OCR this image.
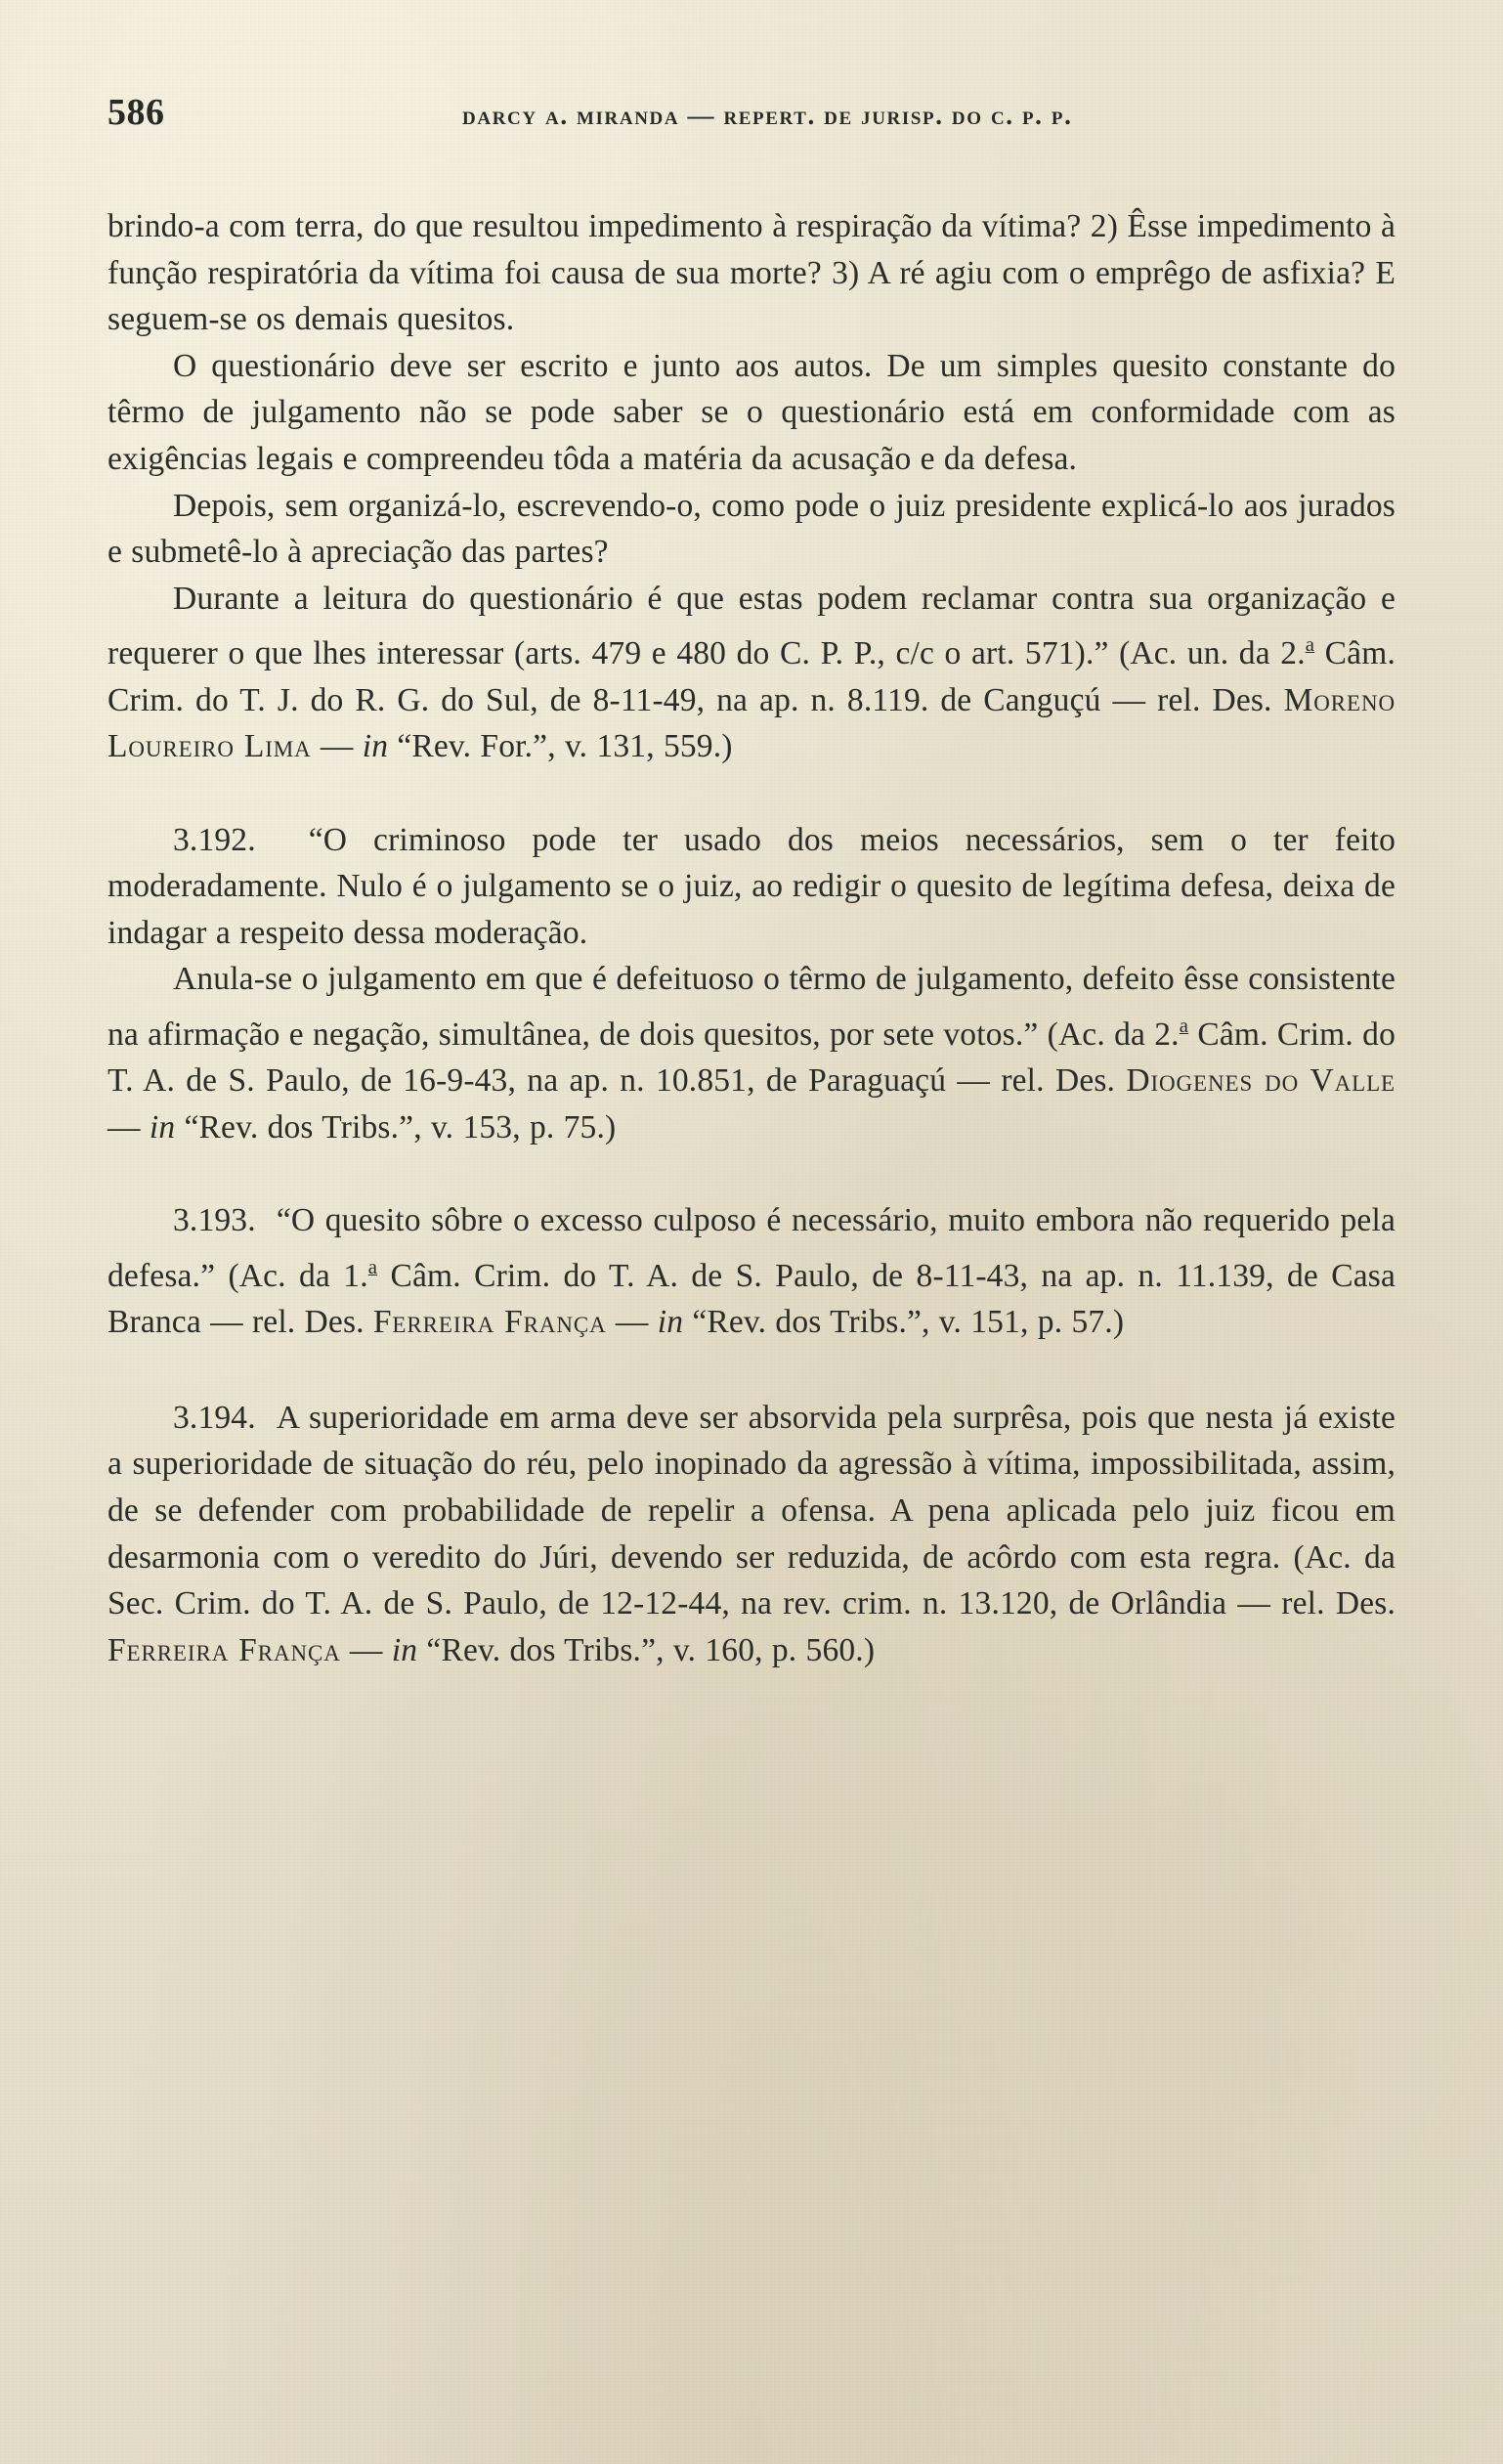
586	darcy a. miranda — repert. de jurisp. do c. p. p.

brindo-a com terra, do que resultou impedimento à respiração da vítima? 2) Êsse impedimento à função respiratória da vítima foi causa de sua morte? 3) A ré agiu com o emprêgo de asfixia? E seguem-se os demais quesitos.

O questionário deve ser escrito e junto aos autos. De um simples quesito constante do têrmo de julgamento não se pode saber se o questionário está em conformidade com as exigências legais e compreendeu tôda a matéria da acusação e da defesa.

Depois, sem organizá-lo, escrevendo-o, como pode o juiz presidente explicá-lo aos jurados e submetê-lo à apreciação das partes?

Durante a leitura do questionário é que estas podem reclamar contra sua organização e requerer o que lhes interessar (arts. 479 e 480 do C. P. P., c/c o art. 571).” (Ac. un. da 2.$^a$ Câm. Crim. do T. J. do R. G. do Sul, de 8-11-49, na ap. n. 8.119. de Canguçú — rel. Des. Moreno Loureiro Lima — in “Rev. For.”, v. 131, 559.)

3.192. “O criminoso pode ter usado dos meios necessários, sem o ter feito moderadamente. Nulo é o julgamento se o juiz, ao redigir o quesito de legítima defesa, deixa de indagar a respeito dessa moderação.

Anula-se o julgamento em que é defeituoso o têrmo de julgamento, defeito êsse consistente na afirmação e negação, simultânea, de dois quesitos, por sete votos.” (Ac. da 2.$^a$ Câm. Crim. do T. A. de S. Paulo, de 16-9-43, na ap. n. 10.851, de Paraguaçú — rel. Des. Diogenes do Valle — in “Rev. dos Tribs.”, v. 153, p. 75.)

3.193. “O quesito sôbre o excesso culposo é necessário, muito embora não requerido pela defesa.” (Ac. da 1.$^a$ Câm. Crim. do T. A. de S. Paulo, de 8-11-43, na ap. n. 11.139, de Casa Branca — rel. Des. Ferreira França — in “Rev. dos Tribs.”, v. 151, p. 57.)

3.194. A superioridade em arma deve ser absorvida pela surprêsa, pois que nesta já existe a superioridade de situação do réu, pelo inopinado da agressão à vítima, impossibilitada, assim, de se defender com probabilidade de repelir a ofensa. A pena aplicada pelo juiz ficou em desarmonia com o veredito do Júri, devendo ser reduzida, de acôrdo com esta regra. (Ac. da Sec. Crim. do T. A. de S. Paulo, de 12-12-44, na rev. crim. n. 13.120, de Orlândia — rel. Des. Ferreira França — in “Rev. dos Tribs.”, v. 160, p. 560.)
